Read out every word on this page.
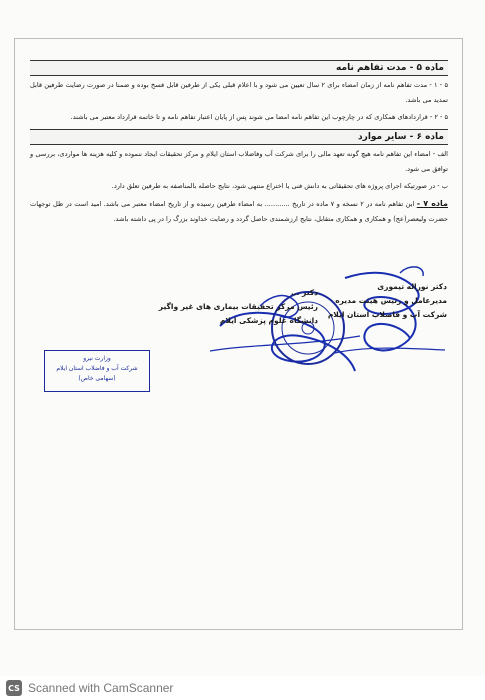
ماده ۵ - مدت تفاهم نامه

۵ - ۱ - مدت تفاهم نامه از زمان امضاء برای ۲ سال تعیین می شود و با اعلام قبلی یکی از طرفین قابل فسخ بوده و ضمنا در صورت رضایت طرفین قابل تمدید می باشد.

۵ - ۲ - قراردادهای همکاری که در چارچوب این تفاهم نامه امضا می شوند پس از پایان اعتبار تفاهم نامه و تا خاتمه قرارداد معتبر می باشند.

ماده ۶ - سایر موارد

الف - امضاء این تفاهم نامه هیچ گونه تعهد مالی را برای شرکت آب وفاضلاب استان ایلام و مرکز تحقیقات ایجاد ننموده و کلیه هزینه ها مواردی، بررسی و توافق می شود.

ب - در صورتیکه اجرای پروژه های تحقیقاتی به دانش فنی یا اختراع منتهی شود، نتایج حاصله بالمناصفه به طرفین تعلق دارد.

ماده ۷ - این تفاهم نامه در ۲ نسخه و ۷ ماده در تاریخ ............ به امضاء طرفین رسیده و از تاریخ امضاء معتبر می باشد. امید است در ظل توجهات حضرت ولیعصر(عج) و همکاری و همکاری متقابل، نتایج ارزشمندی حاصل گردد و رضایت خداوند بزرگ را در پی داشته باشد.

دکتر نوراله تیموری
مدیرعامل و رئیس هیئت مدیره
شرکت آب و فاضلاب استان ایلام
دکتر ...
رئیس مرکز تحقیقات بیماری های غیر واگیر
دانشگاه علوم پزشکی ایلام
وزارت نیرو
شرکت آب و فاضلاب استان ایلام
(سهامی خاص)
CS Scanned with CamScanner
